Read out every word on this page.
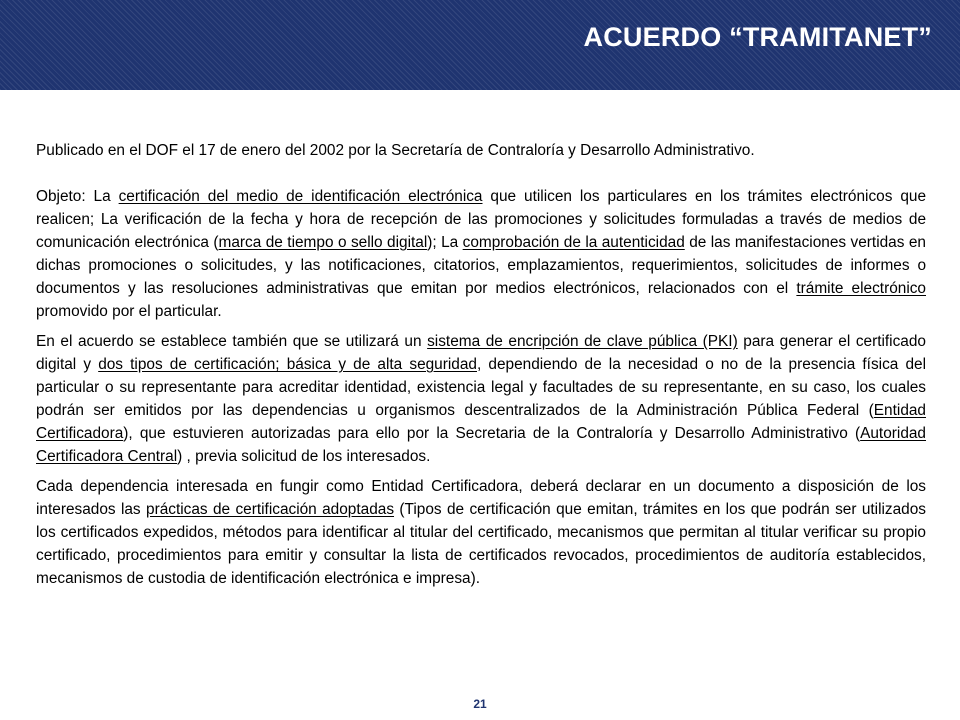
ACUERDO “TRAMITANET”

Publicado en el DOF el 17 de enero del 2002 por la Secretaría de Contraloría y Desarrollo Administrativo.

Objeto: La certificación del medio de identificación electrónica que utilicen los particulares en los trámites electrónicos que realicen; La verificación de la fecha y hora de recepción de las promociones y solicitudes formuladas a través de medios de comunicación electrónica (marca de tiempo o sello digital); La comprobación de la autenticidad de las manifestaciones vertidas en dichas promociones o solicitudes, y las notificaciones, citatorios, emplazamientos, requerimientos, solicitudes de informes o documentos y las resoluciones administrativas que emitan por medios electrónicos, relacionados con el trámite electrónico promovido por el particular.

En el acuerdo se establece también que se utilizará un sistema de encripción de clave pública (PKI) para generar el certificado digital y dos tipos de certificación; básica y de alta seguridad, dependiendo de la necesidad o no de la presencia física del particular o su representante para acreditar identidad, existencia legal y facultades de su representante, en su caso, los cuales podrán ser emitidos por las dependencias u organismos descentralizados de la Administración Pública Federal (Entidad Certificadora), que estuvieren autorizadas para ello por la Secretaria de la Contraloría y Desarrollo Administrativo (Autoridad Certificadora Central) , previa solicitud de los interesados.

Cada dependencia interesada en fungir como Entidad Certificadora, deberá declarar en un documento a disposición de los interesados las prácticas de certificación adoptadas (Tipos de certificación que emitan, trámites en los que podrán ser utilizados los certificados expedidos, métodos para identificar al titular del certificado, mecanismos que permitan al titular verificar su propio certificado, procedimientos para emitir y consultar la lista de certificados revocados, procedimientos de auditoría establecidos, mecanismos de custodia de identificación electrónica e impresa).

21
